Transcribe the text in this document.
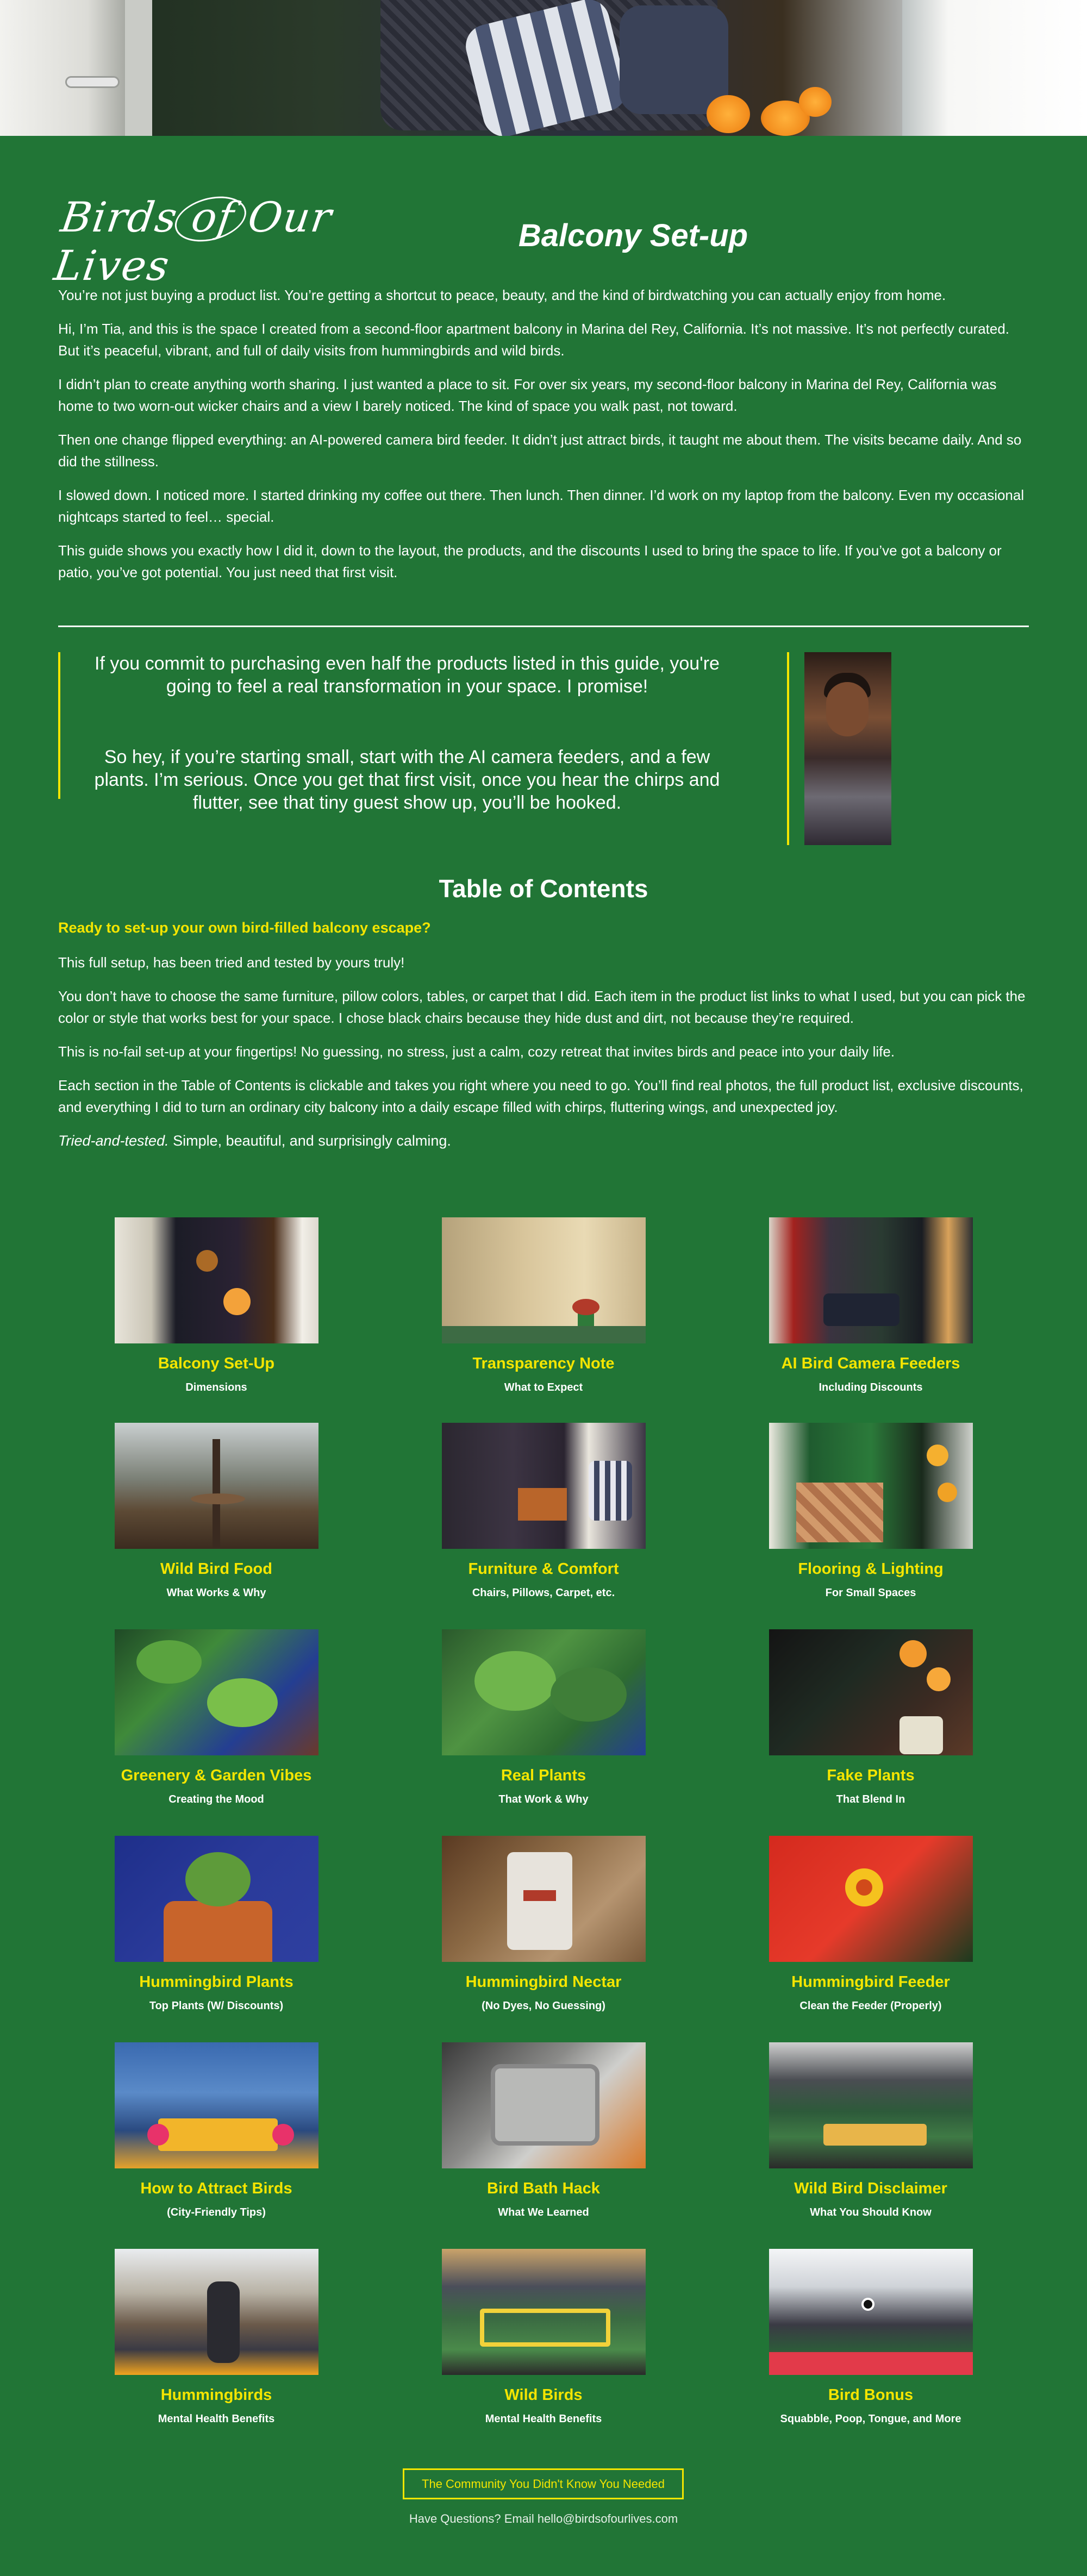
Birds of Our Lives
Balcony Set-up

You’re not just buying a product list. You’re getting a shortcut to peace, beauty, and the kind of birdwatching you can actually enjoy from home.

Hi, I’m Tia, and this is the space I created from a second-floor apartment balcony in Marina del Rey, California. It’s not massive. It’s not perfectly curated. But it’s peaceful, vibrant, and full of daily visits from hummingbirds and wild birds.

I didn’t plan to create anything worth sharing. I just wanted a place to sit. For over six years, my second-floor balcony in Marina del Rey, California was home to two worn-out wicker chairs and a view I barely noticed. The kind of space you walk past, not toward.

Then one change flipped everything: an AI-powered camera bird feeder. It didn’t just attract birds, it taught me about them. The visits became daily. And so did the stillness.

I slowed down. I noticed more. I started drinking my coffee out there. Then lunch. Then dinner. I’d work on my laptop from the balcony. Even my occasional nightcaps started to feel… special.

This guide shows you exactly how I did it, down to the layout, the products, and the discounts I used to bring the space to life. If you’ve got a balcony or patio, you’ve got potential. You just need that first visit.

If you commit to purchasing even half the products listed in this guide, you're going to feel a real transformation in your space. I promise!

So hey, if you’re starting small, start with the AI camera feeders, and a few plants. I’m serious. Once you get that first visit, once you hear the chirps and flutter, see that tiny guest show up, you’ll be hooked.

Table of Contents
Ready to set-up your own bird-filled balcony escape?

This full setup, has been tried and tested by yours truly!

You don’t have to choose the same furniture, pillow colors, tables, or carpet that I did. Each item in the product list links to what I used, but you can pick the color or style that works best for your space. I chose black chairs because they hide dust and dirt, not because they’re required.

This is no-fail set-up at your fingertips! No guessing, no stress, just a calm, cozy retreat that invites birds and peace into your daily life.

Each section in the Table of Contents is clickable and takes you right where you need to go. You’ll find real photos, the full product list, exclusive discounts, and everything I did to turn an ordinary city balcony into a daily escape filled with chirps, fluttering wings, and unexpected joy.

Tried-and-tested. Simple, beautiful, and surprisingly calming.

Balcony Set-Up
Dimensions
Transparency Note
What to Expect
AI Bird Camera Feeders
Including Discounts
Wild Bird Food
What Works & Why
Furniture & Comfort
Chairs, Pillows, Carpet, etc.
Flooring & Lighting
For Small Spaces
Greenery & Garden Vibes
Creating the Mood
Real Plants
That Work & Why
Fake Plants
That Blend In
Hummingbird Plants
Top Plants (W/ Discounts)
Hummingbird Nectar
(No Dyes, No Guessing)
Hummingbird Feeder
Clean the Feeder (Properly)
How to Attract Birds
(City-Friendly Tips)
Bird Bath Hack
What We Learned
Wild Bird Disclaimer
What You Should Know
Hummingbirds
Mental Health Benefits
Wild Birds
Mental Health Benefits
Bird Bonus
Squabble, Poop, Tongue, and More
The Community You Didn't Know You Needed
Have Questions? Email hello@birdsofourlives.com
